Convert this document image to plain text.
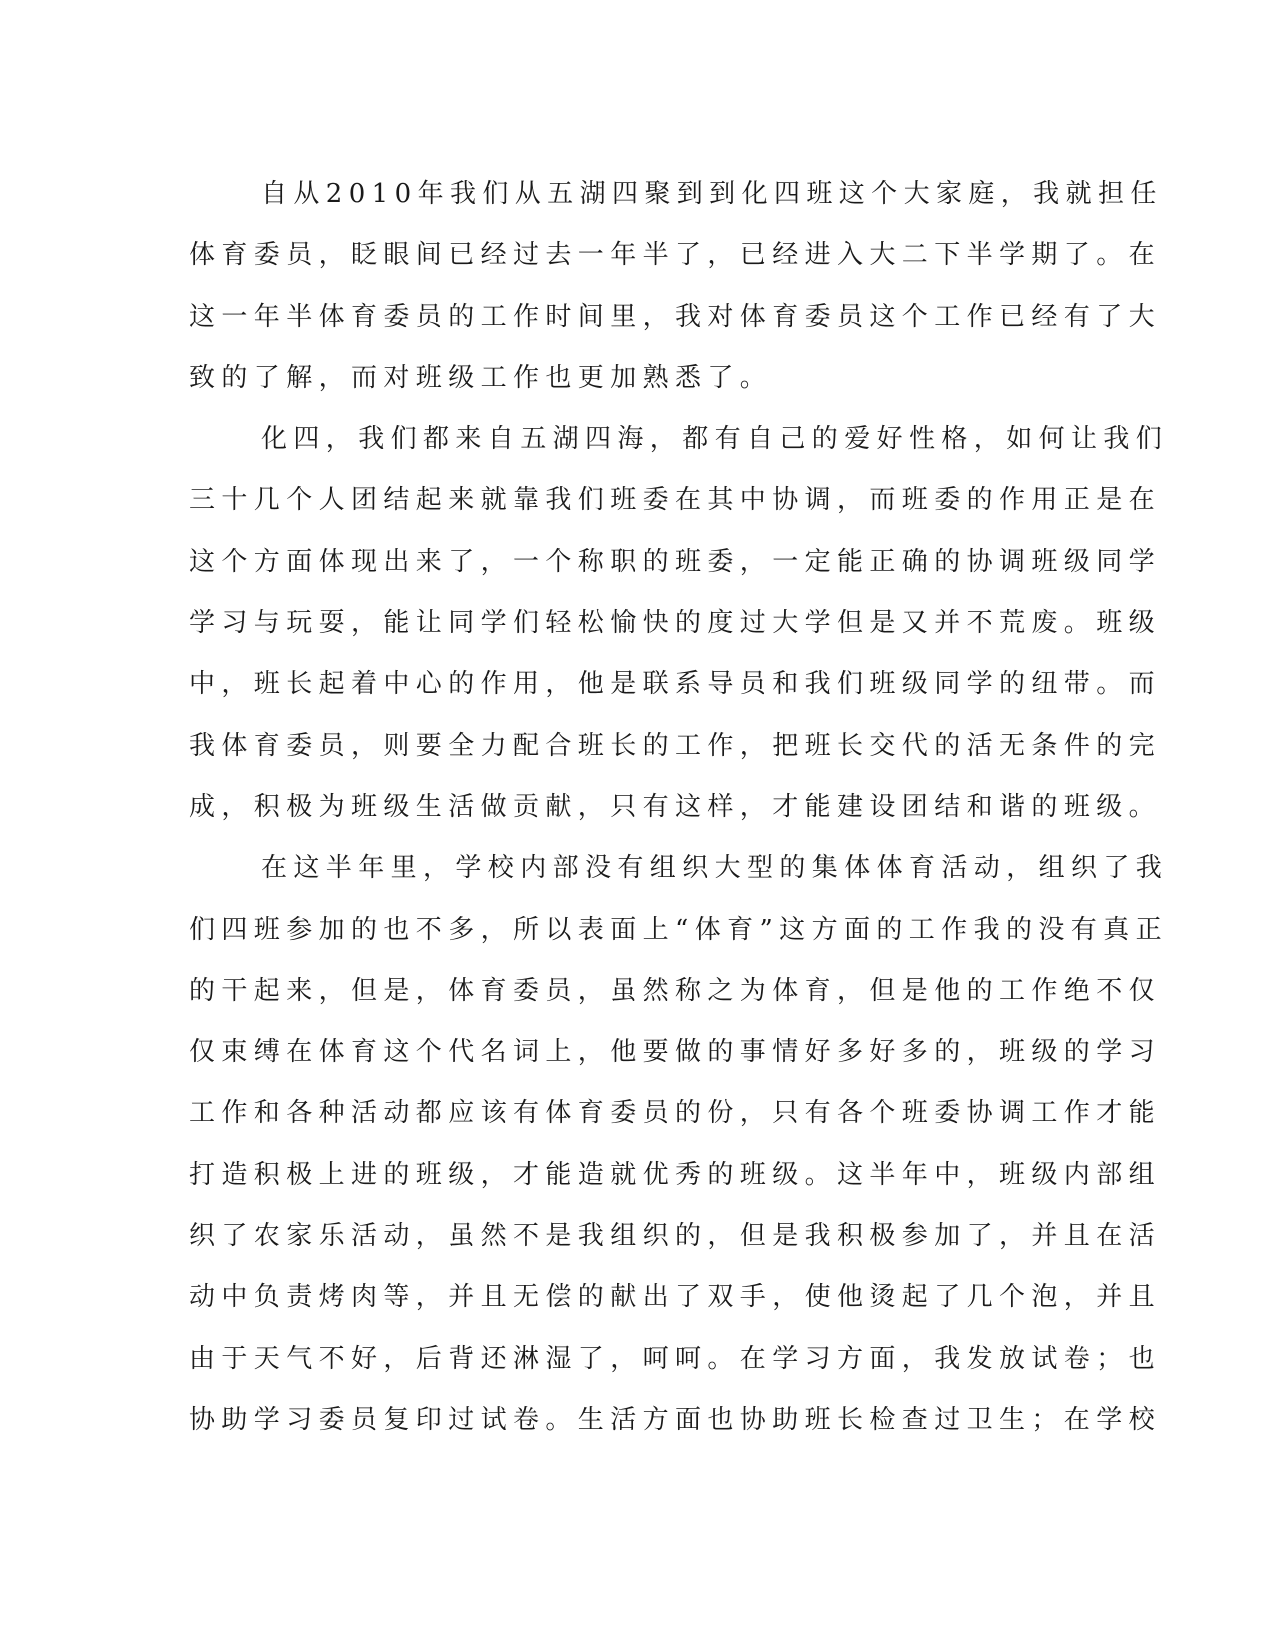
自从2010年我们从五湖四聚到到化四班这个大家庭，我就担任
体育委员，眨眼间已经过去一年半了，已经进入大二下半学期了。在
这一年半体育委员的工作时间里，我对体育委员这个工作已经有了大
致的了解，而对班级工作也更加熟悉了。
化四，我们都来自五湖四海，都有自己的爱好性格，如何让我们
三十几个人团结起来就靠我们班委在其中协调，而班委的作用正是在
这个方面体现出来了，一个称职的班委，一定能正确的协调班级同学
学习与玩耍，能让同学们轻松愉快的度过大学但是又并不荒废。班级
中，班长起着中心的作用，他是联系导员和我们班级同学的纽带。而
我体育委员，则要全力配合班长的工作，把班长交代的活无条件的完
成，积极为班级生活做贡献，只有这样，才能建设团结和谐的班级。
在这半年里，学校内部没有组织大型的集体体育活动，组织了我
们四班参加的也不多，所以表面上“体育”这方面的工作我的没有真正
的干起来，但是，体育委员，虽然称之为体育，但是他的工作绝不仅
仅束缚在体育这个代名词上，他要做的事情好多好多的，班级的学习
工作和各种活动都应该有体育委员的份，只有各个班委协调工作才能
打造积极上进的班级，才能造就优秀的班级。这半年中，班级内部组
织了农家乐活动，虽然不是我组织的，但是我积极参加了，并且在活
动中负责烤肉等，并且无偿的献出了双手，使他烫起了几个泡，并且
由于天气不好，后背还淋湿了，呵呵。在学习方面，我发放试卷；也
协助学习委员复印过试卷。生活方面也协助班长检查过卫生；在学校
